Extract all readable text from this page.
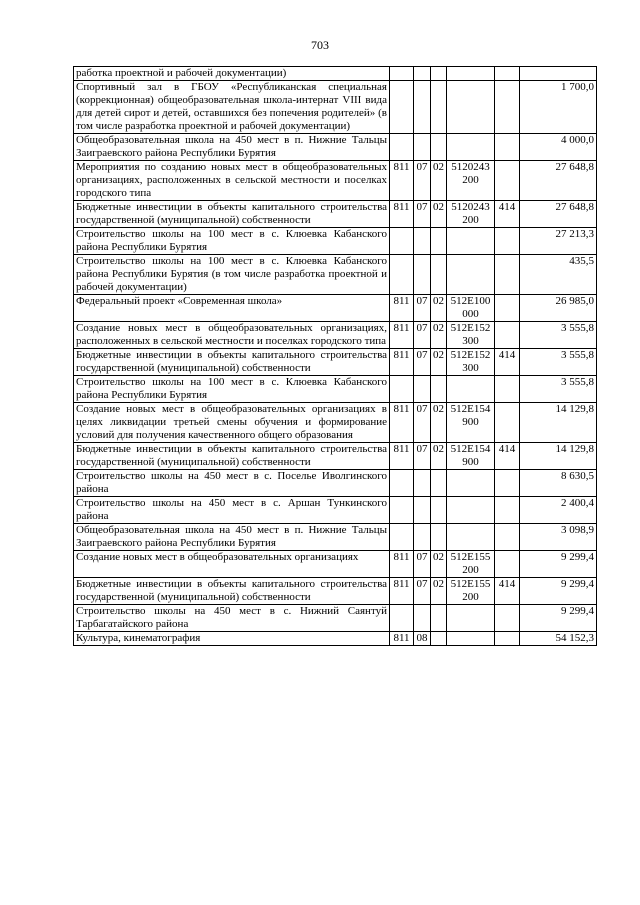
703
работка проектной и рабочей документации)						
Спортивный зал в ГБОУ «Республиканская специальная (коррекционная) общеобразовательная школа-интернат VIII вида для детей сирот и детей, оставшихся без попечения родителей» (в том числе разработка проектной и рабочей документации)						1 700,0
Общеобразовательная школа на 450 мест в п. Нижние Тальцы Заиграевского района Республики Бурятия						4 000,0
Мероприятия по созданию новых мест в общеобразовательных организациях, расположенных в сельской местности и поселках городского типа	811	07	02	5120243 200		27 648,8
Бюджетные инвестиции в объекты капитального строительства государственной (муниципальной) собственности	811	07	02	5120243 200	414	27 648,8
Строительство школы на 100 мест в с. Клюевка Кабанского района Республики Бурятия						27 213,3
Строительство школы на 100 мест в с. Клюевка Кабанского района Республики Бурятия (в том числе разработка проектной и рабочей документации)						435,5
Федеральный проект «Современная школа»	811	07	02	512Е100 000		26 985,0
Создание новых мест в общеобразовательных организациях, расположенных в сельской местности и поселках городского типа	811	07	02	512Е152 300		3 555,8
Бюджетные инвестиции в объекты капитального строительства государственной (муниципальной) собственности	811	07	02	512Е152 300	414	3 555,8
Строительство школы на 100 мест в с. Клюевка Кабанского района Республики Бурятия						3 555,8
Создание новых мест в общеобразовательных организациях в целях ликвидации третьей смены обучения и формирование условий для получения качественного общего образования	811	07	02	512Е154 900		14 129,8
Бюджетные инвестиции в объекты капитального строительства государственной (муниципальной) собственности	811	07	02	512Е154 900	414	14 129,8
Строительство школы на 450 мест в с. Поселье Иволгинского района						8 630,5
Строительство школы на 450 мест в с. Аршан Тункинского района						2 400,4
Общеобразовательная школа на 450 мест в п. Нижние Тальцы Заиграевского района Республики Бурятия						3 098,9
Создание новых мест в общеобразовательных организациях	811	07	02	512Е155 200		9 299,4
Бюджетные инвестиции в объекты капитального строительства государственной (муниципальной) собственности	811	07	02	512Е155 200	414	9 299,4
Строительство школы на 450 мест в с. Нижний Саянтуй Тарбагатайского района						9 299,4
Культура, кинематография	811	08				54 152,3
